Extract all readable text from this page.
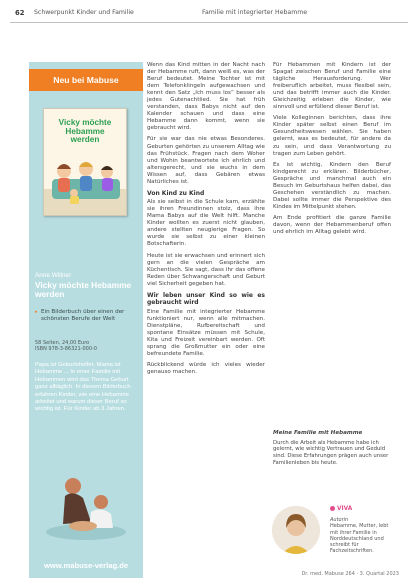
62 Schwerpunkt Kinder und Familie	Familie mit integrierter Hebamme
Neu bei Mabuse
Vicky möchte Hebamme werden
Anne Willner
Vicky möchte Hebamme werden
▸ Ein Bilderbuch über einen der schönsten Berufe der Welt
58 Seiten, 24,00 Euro
ISBN 978-3-86321-000-0
Papa ist Geburtshelfer, Mama ist Hebamme ... In einer Familie mit Hebammen wird das Thema Geburt ganz alltäglich. In diesem Bilderbuch erfahren Kinder, wie eine Hebamme arbeitet und warum dieser Beruf so wichtig ist. Für Kinder ab 3 Jahren.
www.mabuse-verlag.de

Wenn das Kind mitten in der Nacht nach der Hebamme ruft, dann weiß es, was der Beruf bedeutet. Meine Tochter ist mit dem Telefonklingeln aufgewachsen und kennt den Satz „Ich muss los“ besser als jedes Gutenachtlied. Sie hat früh verstanden, dass Babys nicht auf den Kalender schauen und dass eine Hebamme dann kommt, wenn sie gebraucht wird.

Für sie war das nie etwas Besonderes. Geburten gehörten zu unserem Alltag wie das Frühstück. Fragen nach dem Woher und Wohin beantwortete ich ehrlich und altersgerecht, und sie wuchs in dem Wissen auf, dass Gebären etwas Natürliches ist.

Von Kind zu Kind

Als sie selbst in die Schule kam, erzählte sie ihren Freundinnen stolz, dass ihre Mama Babys auf die Welt hilft. Manche Kinder wollten es zuerst nicht glauben, andere stellten neugierige Fragen. So wurde sie selbst zu einer kleinen Botschafterin.

Heute ist sie erwachsen und erinnert sich gern an die vielen Gespräche am Küchentisch. Sie sagt, dass ihr das offene Reden über Schwangerschaft und Geburt viel Sicherheit gegeben hat.

Wir leben unser Kind so wie es gebraucht wird

Eine Familie mit integrierter Hebamme funktioniert nur, wenn alle mitmachen. Dienstpläne, Rufbereitschaft und spontane Einsätze müssen mit Schule, Kita und Freizeit vereinbart werden. Oft sprang die Großmutter ein oder eine befreundete Familie.

Rückblickend würde ich vieles wieder genauso machen.

Für Hebammen mit Kindern ist der Spagat zwischen Beruf und Familie eine tägliche Herausforderung. Wer freiberuflich arbeitet, muss flexibel sein, und das betrifft immer auch die Kinder. Gleichzeitig erleben die Kinder, wie sinnvoll und erfüllend dieser Beruf ist.

Viele Kolleginnen berichten, dass ihre Kinder später selbst einen Beruf im Gesundheitswesen wählen. Sie haben gelernt, was es bedeutet, für andere da zu sein, und dass Verantwortung zu tragen zum Leben gehört.

Es ist wichtig, Kindern den Beruf kindgerecht zu erklären. Bilderbücher, Gespräche und manchmal auch ein Besuch im Geburtshaus helfen dabei, das Geschehen verständlich zu machen. Dabei sollte immer die Perspektive des Kindes im Mittelpunkt stehen.

Am Ende profitiert die ganze Familie davon, wenn der Hebammenberuf offen und ehrlich im Alltag gelebt wird.

Meine Familie mit Hebamme
Durch die Arbeit als Hebamme habe ich gelernt, wie wichtig Vertrauen und Geduld sind. Diese Erfahrungen prägen auch unser Familienleben bis heute.
VIVA
Autorin
Hebamme, Mutter, lebt mit ihrer Familie in Norddeutschland und schreibt für Fachzeitschriften.
Dr. med. Mabuse 264 · 3. Quartal 2023
